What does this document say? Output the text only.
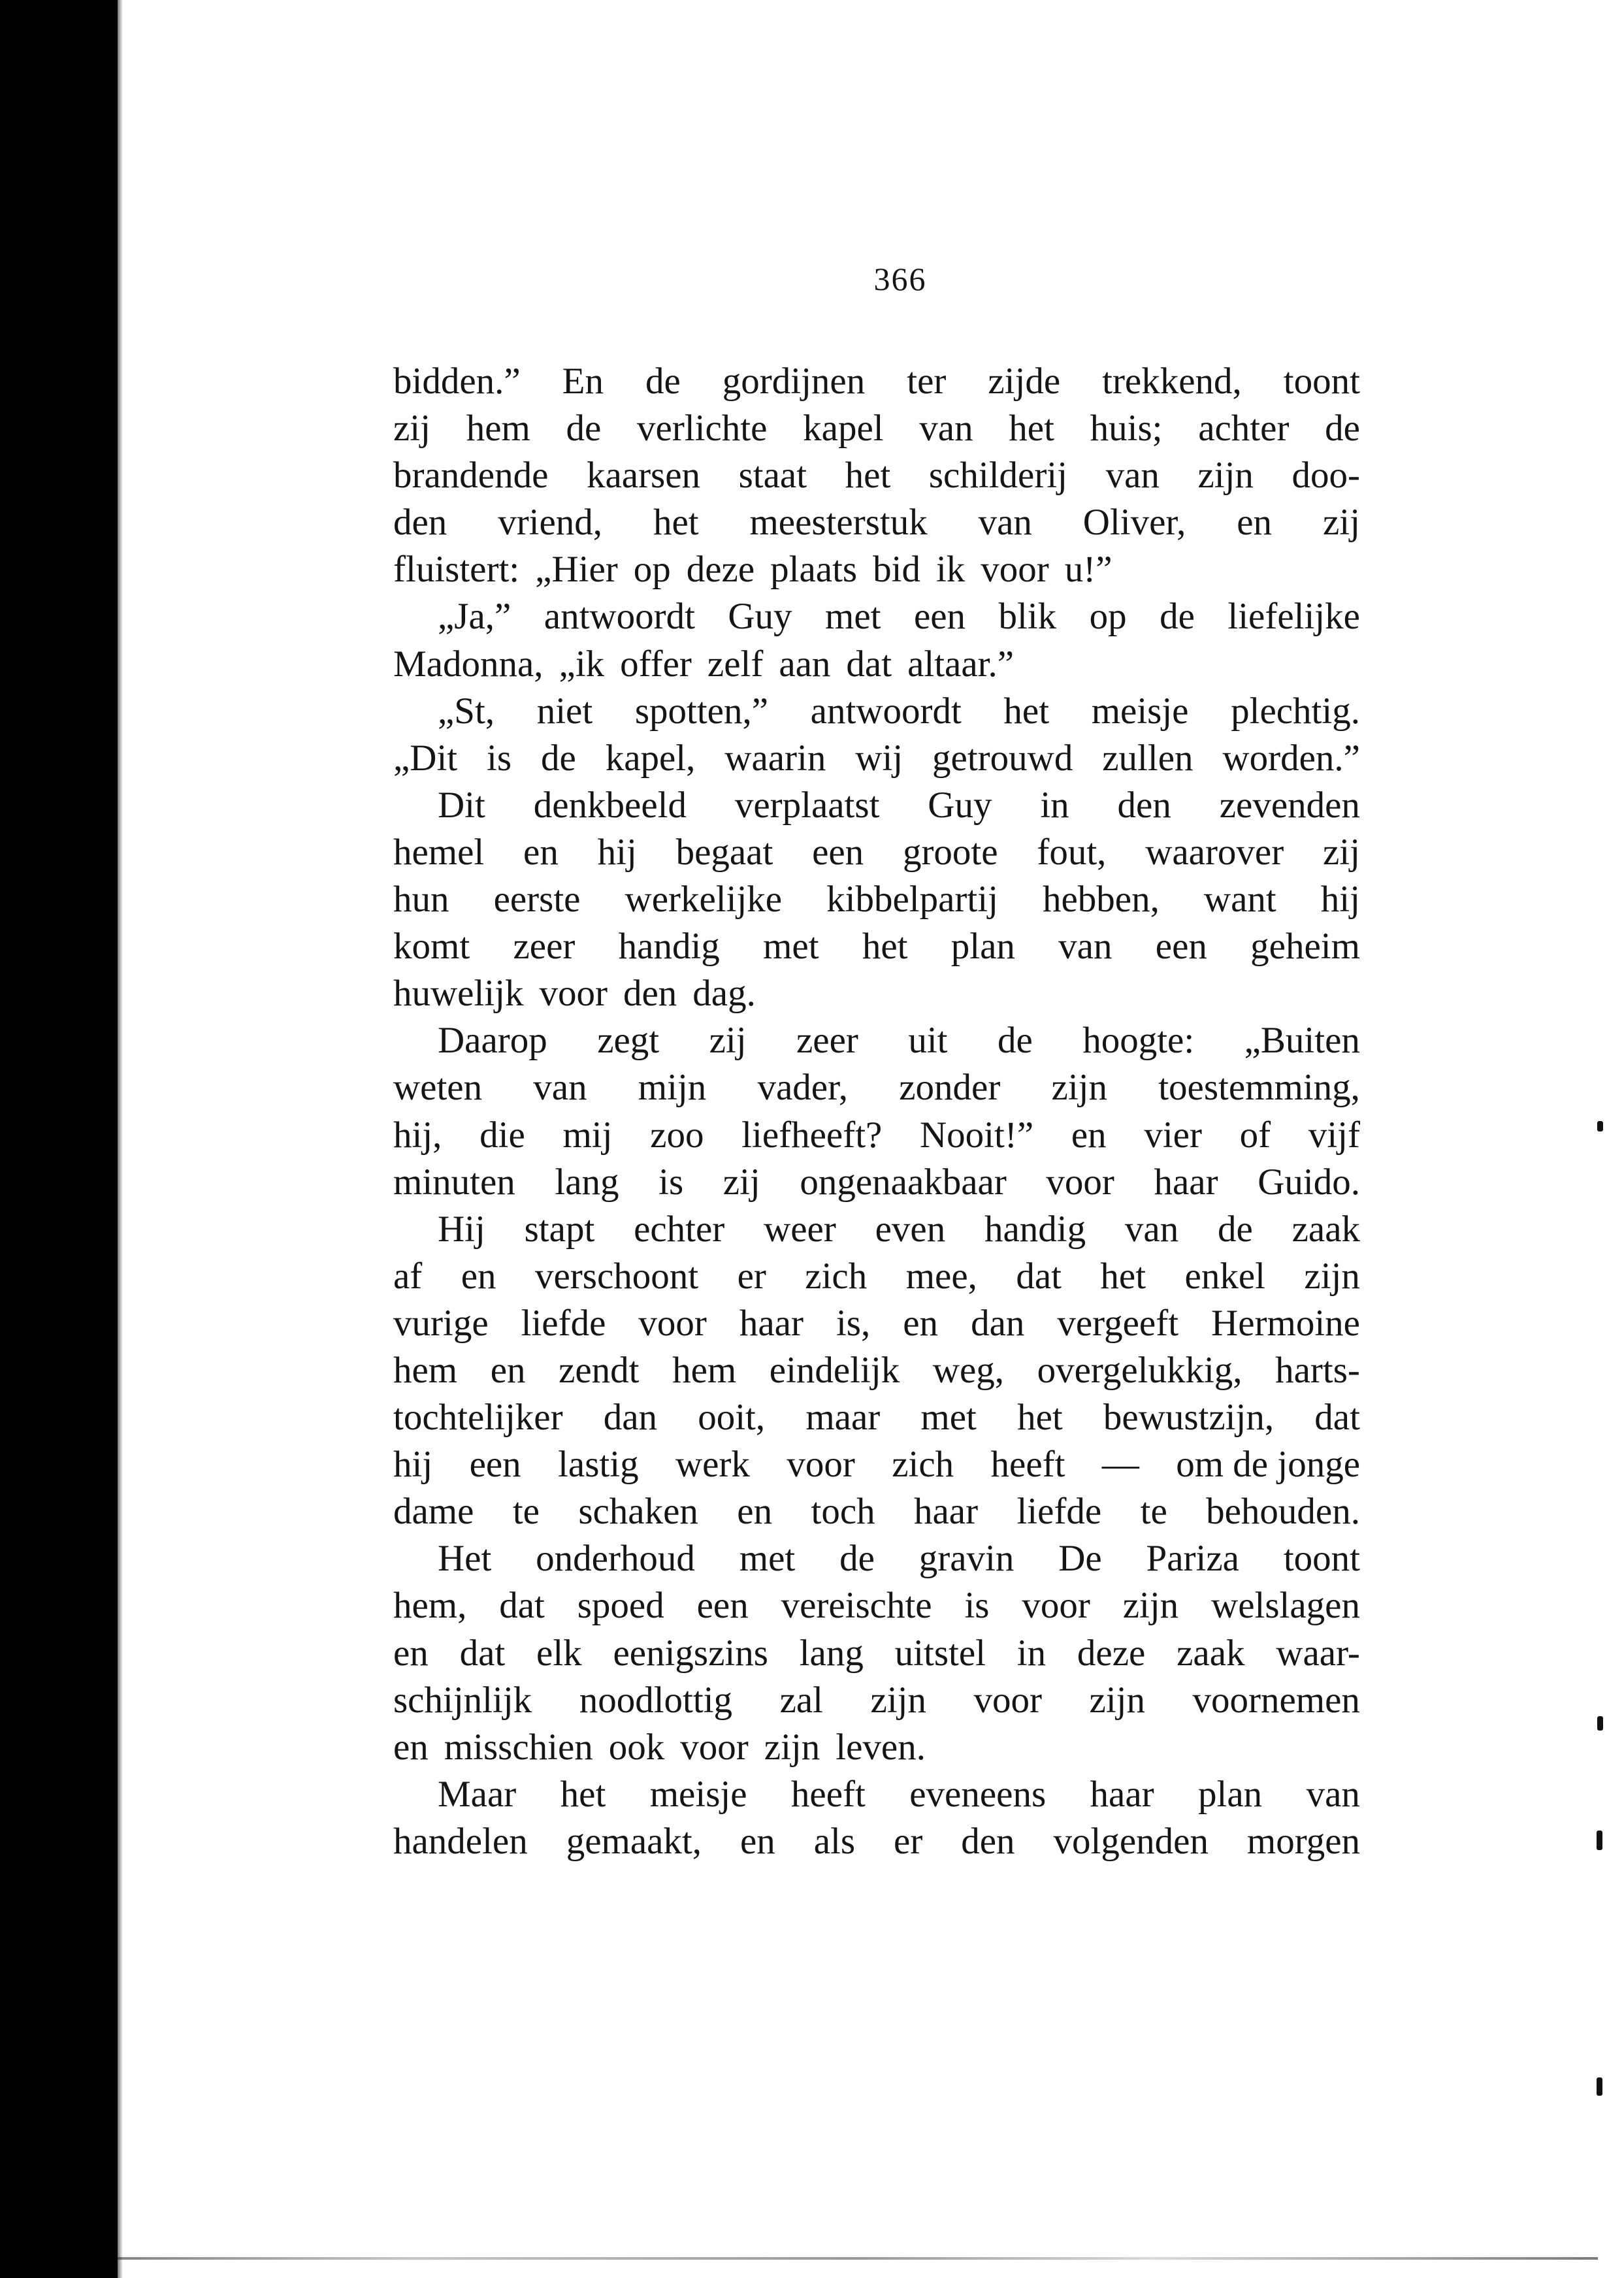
366
bidden.” En de gordijnen ter zijde trekkend, toont
zij hem de verlichte kapel van het huis; achter de
brandende kaarsen staat het schilderij van zijn doo-
den vriend, het meesterstuk van Oliver, en zij
fluistert: „Hier op deze plaats bid ik voor u!”
„Ja,” antwoordt Guy met een blik op de liefelijke
Madonna, „ik offer zelf aan dat altaar.”
„St, niet spotten,” antwoordt het meisje plechtig.
„Dit is de kapel, waarin wij getrouwd zullen worden.”
Dit denkbeeld verplaatst Guy in den zevenden
hemel en hij begaat een groote fout, waarover zij
hun eerste werkelijke kibbelpartij hebben, want hij
komt zeer handig met het plan van een geheim
huwelijk voor den dag.
Daarop zegt zij zeer uit de hoogte: „Buiten
weten van mijn vader, zonder zijn toestemming,
hij, die mij zoo liefheeft? Nooit!” en vier of vijf
minuten lang is zij ongenaakbaar voor haar Guido.
Hij stapt echter weer even handig van de zaak
af en verschoont er zich mee, dat het enkel zijn
vurige liefde voor haar is, en dan vergeeft Hermoine
hem en zendt hem eindelijk weg, overgelukkig, harts-
tochtelijker dan ooit, maar met het bewustzijn, dat
hij een lastig werk voor zich heeft — om de jonge
dame te schaken en toch haar liefde te behouden.
Het onderhoud met de gravin De Pariza toont
hem, dat spoed een vereischte is voor zijn welslagen
en dat elk eenigszins lang uitstel in deze zaak waar-
schijnlijk noodlottig zal zijn voor zijn voornemen
en misschien ook voor zijn leven.
Maar het meisje heeft eveneens haar plan van
handelen gemaakt, en als er den volgenden morgen
